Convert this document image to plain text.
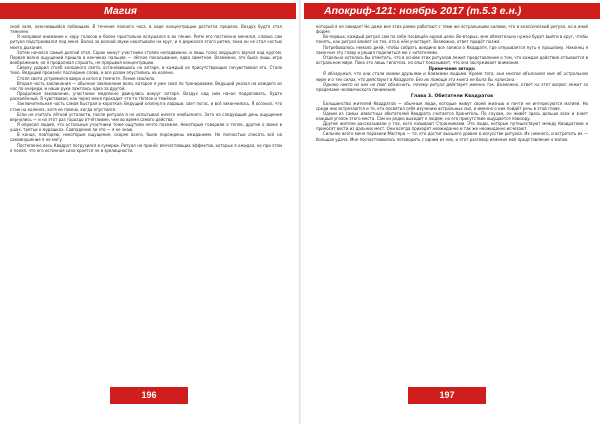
Магия

ской зале, окончившейся побоищем. В течение полного часа, в ходе концентрации достигла предела. Воздух будто стал тяжелее.

Я направил внимание к хору голосов и более пристально вслушался в их пение. Ритм его постоянно менялся, словно сам ритуал подстраивался под меня. Волна за волной звуки накатывали на круг, и я держался этого ритма, пока он не стал частью моего дыхания.

Затем начался самый долгий этап. Сорок минут участники стояли неподвижно, и лишь голос ведущего звучал над кругом. Первая волна ощущений пришла в кончиках пальцев — лёгкое покалывание, едва заметное. Возможно, это была лишь игра воображения, но я продолжал слушать, не прерывая концентрации.

Сверху ударил столб холодного света, остановившись на алтаре, и каждый из присутствующих почувствовал его. Стало тихо. Ведущий произнёс последние слова, и все разом опустились на колени.

Столп света устремился вверх и исчез в темноте. Пение смолкло.

Вторая часть заклинания — обычное заклинание воли, которое я уже знал по тренировкам. Ведущий указал на каждого из нас по очереди, и наши руки зажглись одна за другой.

Продолжая заклинание, участники медленно двинулись вокруг алтаря. Воздух над ним начал подрагивать, будто раскалённый. Я чувствовал, как через меня проходит что-то тёплое и тяжёлое.

Заключительная часть самая быстрая и короткая. Ведущий хлопнул в ладоши, свет погас, и всё закончилось. Я осознал, что стою на коленях, хотя не помню, когда опустился.

Если не считать лёгкой усталости, после ритуала я не испытывал ничего необычного. Зато на следующий день ощущения вернулись — и на этот раз гораздо отчётливее, чем во время самого действа.

Я опросил людей, что остальные участники тоже ощутили нечто похожее. Некоторые говорили о тепле, другие о звоне в ушах, третьи о мурашках. Совпадение ли это — я не знаю.

В конце, повторяю, некоторые ощущения, скорее всего, были порождены ожиданием. Но полностью списать всё на самовнушение я не могу.

Постепенно весь Квадрат погрузился в сумерки. Ритуал не принёс впечатляющих эффектов, которых я ожидал, но при этом я понял, что его истинная сила кроется не в зрелищности.

196
Апокриф-121: ноябрь 2017 (т.5.3 е.н.)

который я не ожидал! Но даже вне этих рамок работают с теми же астральными силами, что и классический ритуал, но в иной форме.

Во-первых, каждый ритуал сам по себе посвящён одной цели. Во-вторых, мне обязательно нужно будет выйти в круг, чтобы понять, как ритуал влияет на тех, кто в нём участвует. Возможно, ответ придёт позже.

Потребовалось немало дней, чтобы собрать воедино все записи о Квадрате, где открывается путь к прошлому. Наконец я закончил эту главу и решил поделиться ею с читателями.

Отдельно хотелось бы отметить, что в основе этих ритуалов лежит представление о том, что каждое действие отзывается в астральном мире. Пока это лишь гипотеза, но опыт показывает, что она заслуживает внимания.

Примечание автора:

Я обнаружил, что они стали моими друзьями и близкими людьми. Кроме того, они многое объяснили мне об астральном мире и о тех силах, что действуют в Квадрате. Без их помощи эта книга не была бы написана.

Однако никто из них не смог объяснить, почему ритуал действует именно так. Возможно, ответ на этот вопрос лежит за пределами человеческого понимания.

Глава 3. Обитатели Квадратов

Большинство жителей Квадратов — обычные люди, которые живут своей жизнью и почти не интересуются магией. Но среди них встречаются и те, кто посвятил себя изучению астральных сил, и именно о них пойдёт речь в этой главе.

Одним из самых известных обитателей Квадрата считается Хранитель. По слухам, он живёт здесь дольше всех и знает каждый уголок этого места. Сам он редко выходит к людям, но его присутствие ощущается повсюду.

Другие жители рассказывали о тех, кого называют Странниками. Это люди, которые путешествуют между Квадратами и приносят вести из дальних мест. Они всегда приходят неожиданно и так же неожиданно исчезают.

Сильнее всего меня поразили Мастера — те, кто достиг высшего уровня в искусстве ритуала. Их немного, и встретить их — большая удача. Мне посчастливилось поговорить с одним из них, и этот разговор изменил моё представление о магии.

197
